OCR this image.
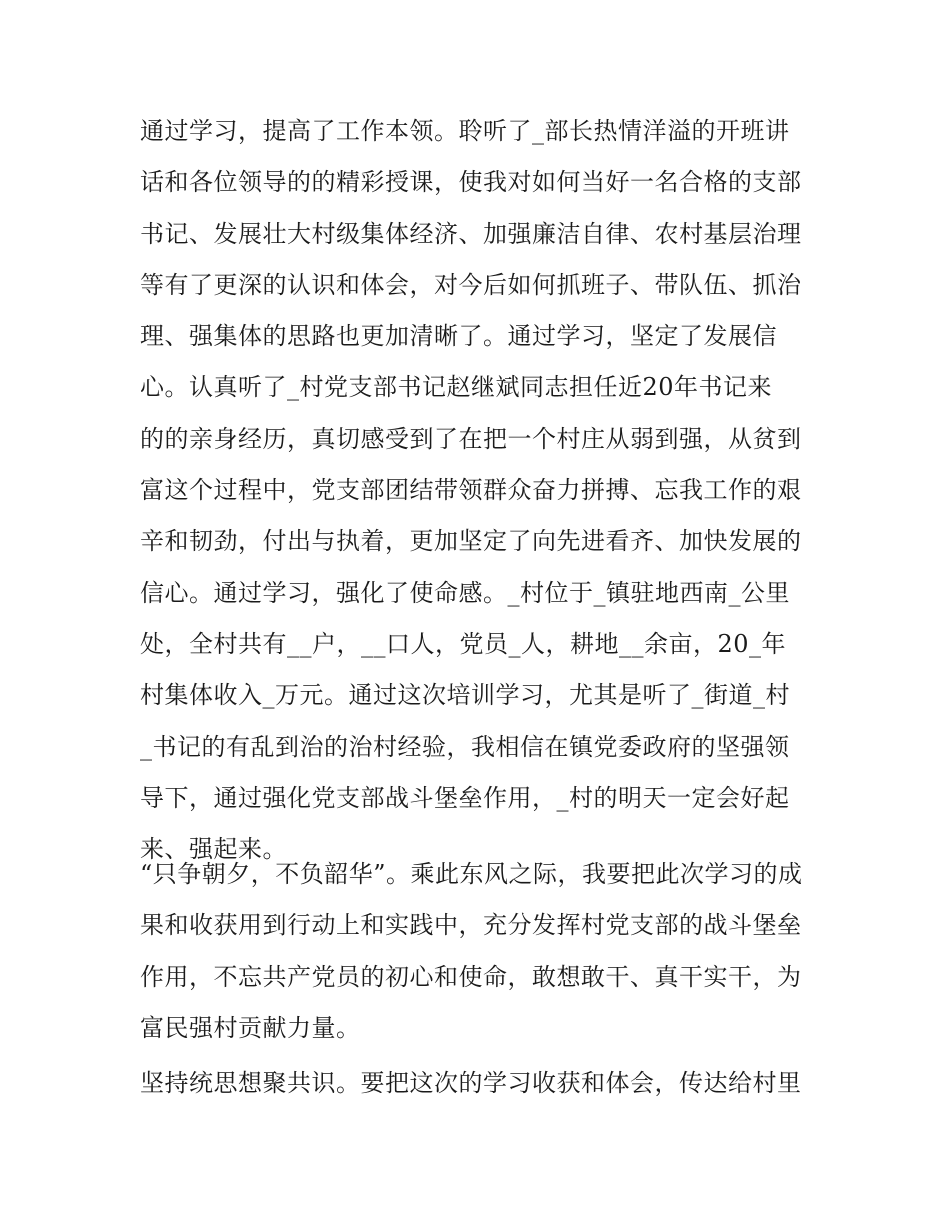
通过学习，提高了工作本领。聆听了_部长热情洋溢的开班讲
话和各位领导的的精彩授课，使我对如何当好一名合格的支部
书记、发展壮大村级集体经济、加强廉洁自律、农村基层治理
等有了更深的认识和体会，对今后如何抓班子、带队伍、抓治
理、强集体的思路也更加清晰了。通过学习，坚定了发展信
心。认真听了_村党支部书记赵继斌同志担任近20年书记来
的的亲身经历，真切感受到了在把一个村庄从弱到强，从贫到
富这个过程中，党支部团结带领群众奋力拼搏、忘我工作的艰
辛和韧劲，付出与执着，更加坚定了向先进看齐、加快发展的
信心。通过学习，强化了使命感。_村位于_镇驻地西南_公里
处，全村共有__户，__口人，党员_人，耕地__余亩，20_年
村集体收入_万元。通过这次培训学习，尤其是听了_街道_村
_书记的有乱到治的治村经验，我相信在镇党委政府的坚强领
导下，通过强化党支部战斗堡垒作用，_村的明天一定会好起
来、强起来。
“只争朝夕，不负韶华”。乘此东风之际，我要把此次学习的成
果和收获用到行动上和实践中，充分发挥村党支部的战斗堡垒
作用，不忘共产党员的初心和使命，敢想敢干、真干实干，为
富民强村贡献力量。
坚持统思想聚共识。要把这次的学习收获和体会，传达给村里
